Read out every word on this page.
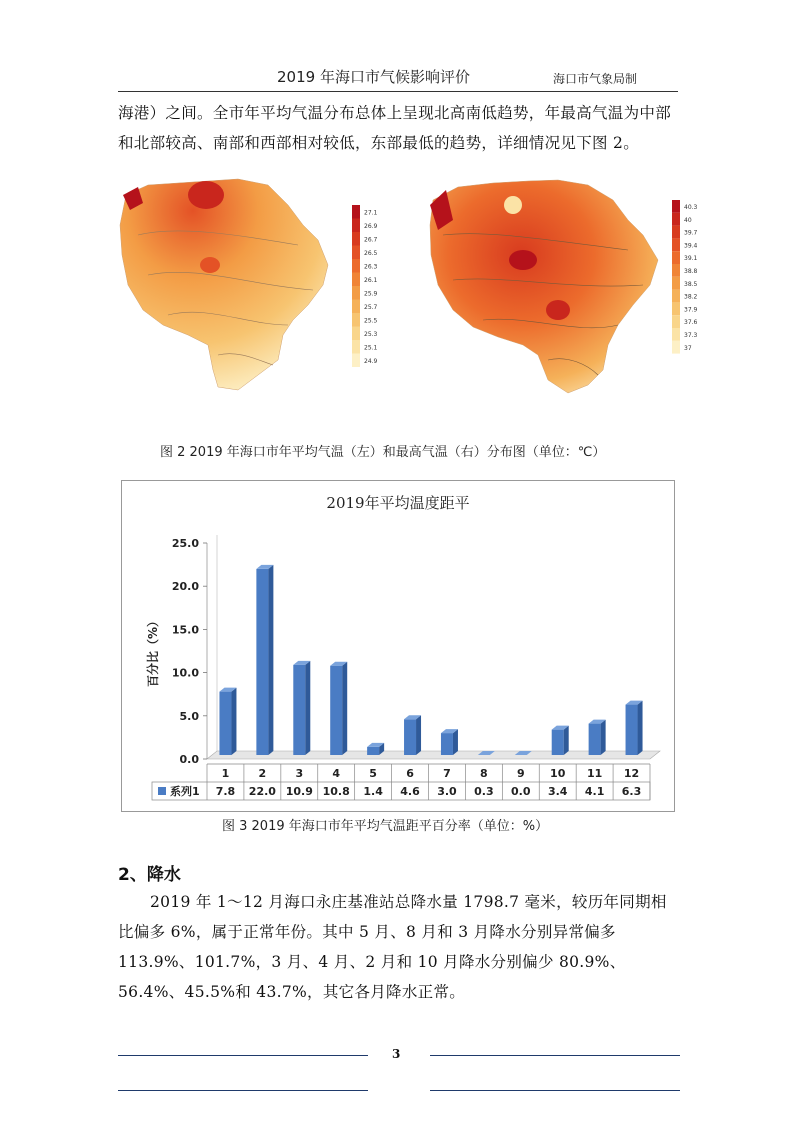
2019 年海口市气候影响评价	海口市气象局制
海港）之间。全市年平均气温分布总体上呈现北高南低趋势，年最高气温为中部和北部较高、南部和西部相对较低，东部最低的趋势，详细情况见下图 2。
27.1
26.9
26.7
26.5
26.3
26.1
25.9
25.7
25.5
25.3
25.1
24.9
40.3
40
39.7
39.4
39.1
38.8
38.5
38.2
37.9
37.6
37.3
37
图 2 2019 年海口市年平均气温（左）和最高气温（右）分布图（单位：℃）
2019年平均温度距平
百分比（%）
0.0
5.0
10.0
15.0
20.0
25.0
1
7.8
2
22.0
3
10.9
4
10.8
5
1.4
6
4.6
7
3.0
8
0.3
9
0.0
10
3.4
11
4.1
12
6.3
系列1
图 3 2019 年海口市年平均气温距平百分率（单位：%）
2、降水
2019 年 1～12 月海口永庄基准站总降水量 1798.7 毫米，较历年同期相比偏多 6%，属于正常年份。其中 5 月、8 月和 3 月降水分别异常偏多 113.9%、101.7%，3 月、4 月、2 月和 10 月降水分别偏少 80.9%、56.4%、45.5%和 43.7%，其它各月降水正常。
3
